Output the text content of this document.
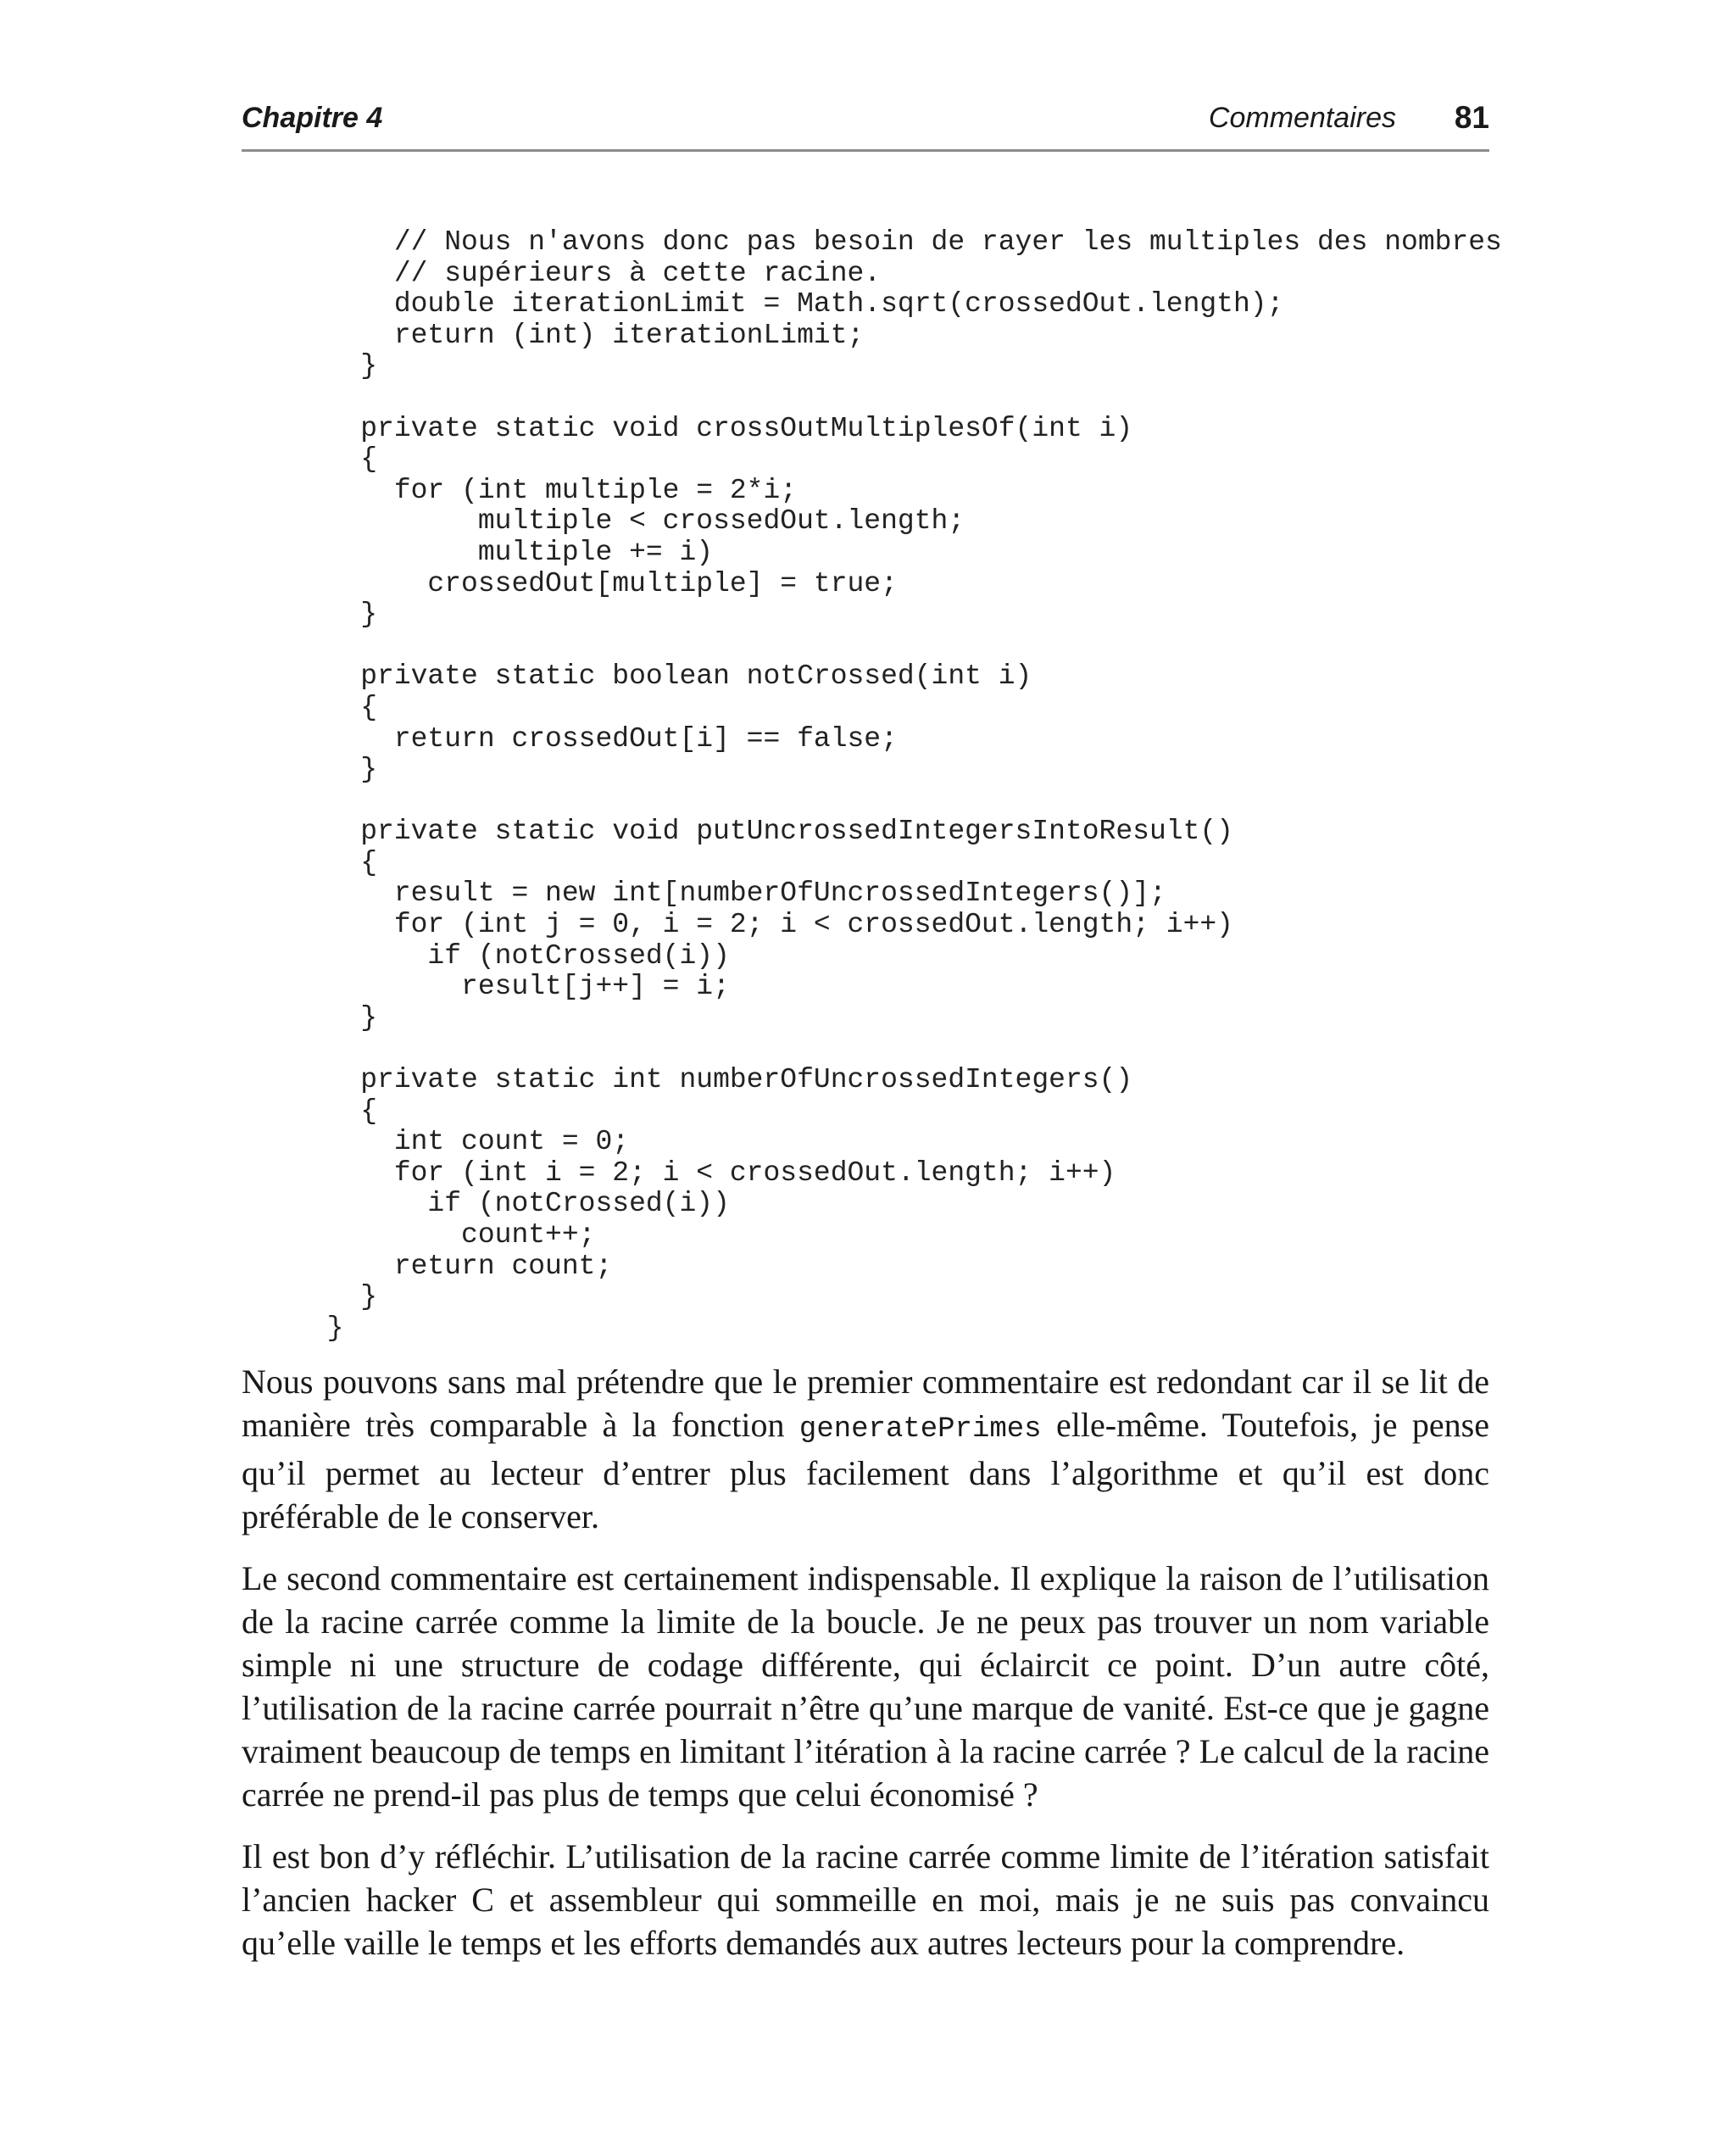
Chapitre 4	Commentaires 81
// Nous n'avons donc pas besoin de rayer les multiples des nombres
// supérieurs à cette racine.
double iterationLimit = Math.sqrt(crossedOut.length);
return (int) iterationLimit;
}
private static void crossOutMultiplesOf(int i)
{
for (int multiple = 2*i;
multiple < crossedOut.length;
multiple += i)
crossedOut[multiple] = true;
}
private static boolean notCrossed(int i)
{
return crossedOut[i] == false;
}
private static void putUncrossedIntegersIntoResult()
{
result = new int[numberOfUncrossedIntegers()];
for (int j = 0, i = 2; i < crossedOut.length; i++)
if (notCrossed(i))
result[j++] = i;
}
private static int numberOfUncrossedIntegers()
{
int count = 0;
for (int i = 2; i < crossedOut.length; i++)
if (notCrossed(i))
count++;
return count;
}
}

Nous pouvons sans mal prétendre que le premier commentaire est redondant car il se lit de manière très comparable à la fonction generatePrimes elle-même. Toutefois, je pense qu’il permet au lecteur d’entrer plus facilement dans l’algorithme et qu’il est donc préférable de le conserver.

Le second commentaire est certainement indispensable. Il explique la raison de l’utilisation de la racine carrée comme la limite de la boucle. Je ne peux pas trouver un nom variable simple ni une structure de codage différente, qui éclaircit ce point. D’un autre côté, l’utilisation de la racine carrée pourrait n’être qu’une marque de vanité. Est-ce que je gagne vraiment beaucoup de temps en limitant l’itération à la racine carrée ? Le calcul de la racine carrée ne prend-il pas plus de temps que celui économisé ?

Il est bon d’y réfléchir. L’utilisation de la racine carrée comme limite de l’itération satisfait l’ancien hacker C et assembleur qui sommeille en moi, mais je ne suis pas convaincu qu’elle vaille le temps et les efforts demandés aux autres lecteurs pour la comprendre.
